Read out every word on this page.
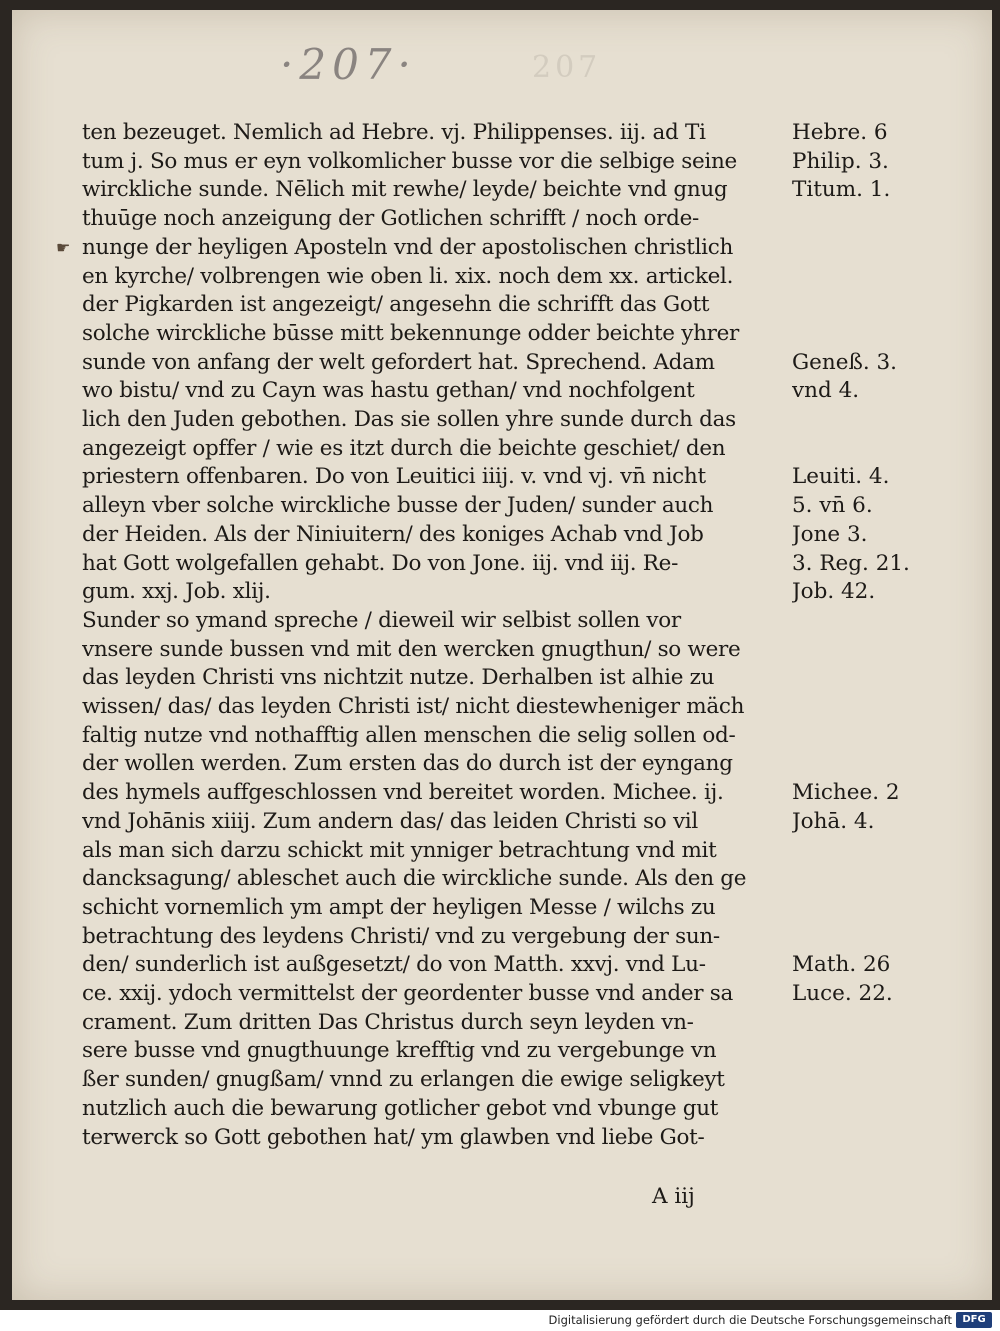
·207·	207
☛
ten bezeuget. Nemlich ad Hebre. vj. Philippenses. iij. ad Ti
tum j. So mus er eyn volkomlicher busse vor die selbige seine
wirckliche sunde. Nēlich mit rewhe/ leyde/ beichte vnd gnug
thuūge noch anzeigung der Gotlichen schrifft / noch orde-
nunge der heyligen Aposteln vnd der apostolischen christlich
en kyrche/ volbrengen wie oben li. xix. noch dem xx. artickel.
der Pigkarden ist angezeigt/ angesehn die schrifft das Gott
solche wirckliche būsse mitt bekennunge odder beichte yhrer
sunde von anfang der welt gefordert hat. Sprechend. Adam
wo bistu/ vnd zu Cayn was hastu gethan/ vnd nochfolgent
lich den Juden gebothen. Das sie sollen yhre sunde durch das
angezeigt opffer / wie es itzt durch die beichte geschiet/ den
priestern offenbaren. Do von Leuitici iiij. v. vnd vj. vn̄ nicht
alleyn vber solche wirckliche busse der Juden/ sunder auch
der Heiden. Als der Niniuitern/ des koniges Achab vnd Job
hat Gott wolgefallen gehabt. Do von Jone. iij. vnd iij. Re-
gum. xxj. Job. xlij.
Sunder so ymand spreche / dieweil wir selbist sollen vor
vnsere sunde bussen vnd mit den wercken gnugthun/ so were
das leyden Christi vns nichtzit nutze. Derhalben ist alhie zu
wissen/ das/ das leyden Christi ist/ nicht diestewheniger mäch
faltig nutze vnd nothafftig allen menschen die selig sollen od-
der wollen werden. Zum ersten das do durch ist der eyngang
des hymels auffgeschlossen vnd bereitet worden. Michee. ij.
vnd Johānis xiiij. Zum andern das/ das leiden Christi so vil
als man sich darzu schickt mit ynniger betrachtung vnd mit
dancksagung/ ableschet auch die wirckliche sunde. Als den ge
schicht vornemlich ym ampt der heyligen Messe / wilchs zu
betrachtung des leydens Christi/ vnd zu vergebung der sun-
den/ sunderlich ist außgesetzt/ do von Matth. xxvj. vnd Lu-
ce. xxij. ydoch vermittelst der geordenter busse vnd ander sa
crament. Zum dritten Das Christus durch seyn leyden vn-
sere busse vnd gnugthuunge krefftig vnd zu vergebunge vn
ßer sunden/ gnugßam/ vnnd zu erlangen die ewige seligkeyt
nutzlich auch die bewarung gotlicher gebot vnd vbunge gut
terwerck so Gott gebothen hat/ ym glawben vnd liebe Got-
Hebre. 6
Philip. 3.
Titum. 1.
Geneß. 3.
vnd 4.
Leuiti. 4.
5. vn̄ 6.
Jone 3.
3. Reg. 21.
Job. 42.
Michee. 2
Johā. 4.
Math. 26
Luce. 22.
A iij
Digitalisierung gefördert durch die Deutsche Forschungsgemeinschaft	DFG
